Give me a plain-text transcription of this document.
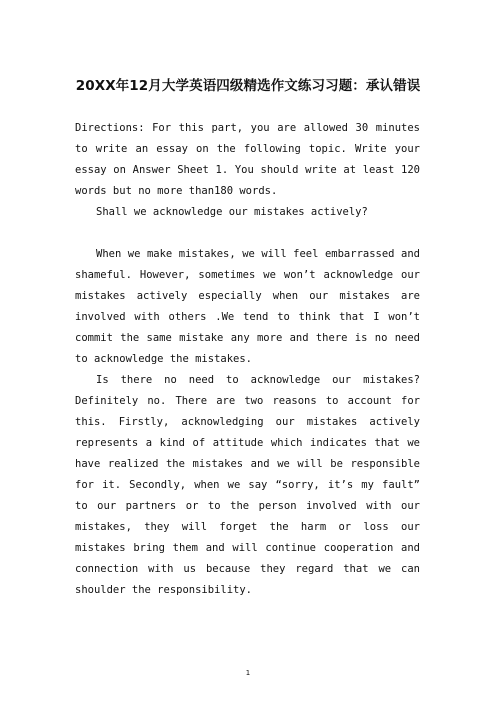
20XX年12月大学英语四级精选作文练习习题：承认错误

Directions: For this part, you are allowed 30 minutes to write an essay on the following topic. Write your essay on Answer Sheet 1. You should write at least 120 words but no more than180 words.

Shall we acknowledge our mistakes actively?

When we make mistakes, we will feel embarrassed and shameful. However, sometimes we won’t acknowledge our mistakes actively especially when our mistakes are involved with others .We tend to think that I won’t commit the same mistake any more and there is no need to acknowledge the mistakes.

Is there no need to acknowledge our mistakes? Definitely no. There are two reasons to account for this. Firstly, acknowledging our mistakes actively represents a kind of attitude which indicates that we have realized the mistakes and we will be responsible for it. Secondly, when we say “sorry, it’s my fault” to our partners or to the person involved with our mistakes, they will forget the harm or loss our mistakes bring them and will continue cooperation and connection with us because they regard that we can shoulder the responsibility.

1
